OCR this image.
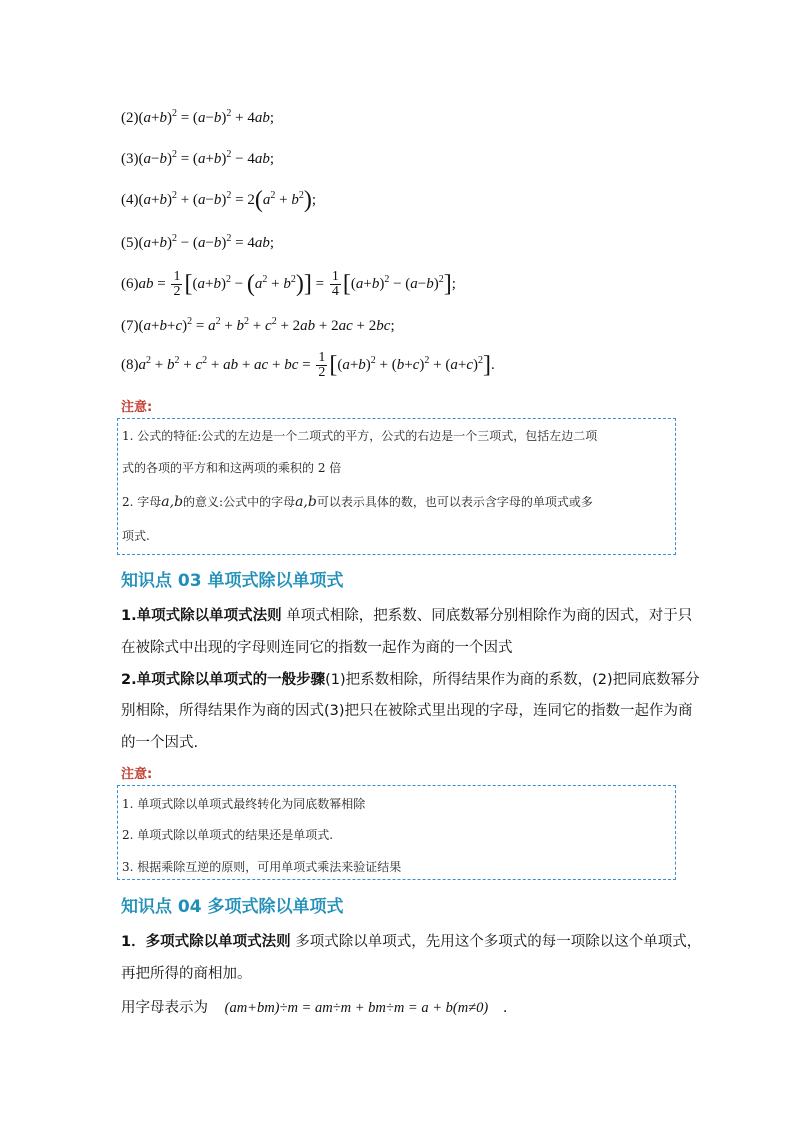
$(2)(a+b)^2 = (a-b)^2 + 4ab$;
$(3)(a-b)^2 = (a+b)^2 - 4ab$;
$(4)(a+b)^2 + (a-b)^2 = 2(a^2 + b^2)$;
$(5)(a+b)^2 - (a-b)^2 = 4ab$;
$(6)ab = \frac{1}{2} [(a+b)^2 - (a^2 + b^2)] = \frac{1}{4} [(a+b)^2 - (a-b)^2]$;
$(7)(a+b+c)^2 = a^2 + b^2 + c^2 + 2ab + 2ac + 2bc$;
$(8)a^2 + b^2 + c^2$ + ab + ac + bc = $\frac{1}{2} [(a+b)^2 + (b+c)^2 + (a+c)^2]$.
注意:
1. 公式的特征:公式的左边是一个二项式的平方，公式的右边是一个三项式，包括左边二项
式的各项的平方和和这两项的乘积的 2 倍
2. 字母a,b的意义:公式中的字母a,b可以表示具体的数，也可以表示含字母的单项式或多
项式.
知识点 03 单项式除以单项式
1.单项式除以单项式法则 单项式相除，把系数、同底数幂分别相除作为商的因式，对于只
在被除式中出现的字母则连同它的指数一起作为商的一个因式
2.单项式除以单项式的一般步骤(1)把系数相除，所得结果作为商的系数，(2)把同底数幂分
别相除，所得结果作为商的因式(3)把只在被除式里出现的字母，连同它的指数一起作为商
的一个因式.
注意:
1. 单项式除以单项式最终转化为同底数幂相除
2. 单项式除以单项式的结果还是单项式.
3. 根据乘除互逆的原则，可用单项式乘法来验证结果
知识点 04 多项式除以单项式
1．多项式除以单项式法则 多项式除以单项式，先用这个多项式的每一项除以这个单项式，
再把所得的商相加。
用字母表示为 (am+bm)÷m = am÷m + bm÷m = a + b(m≠0) .
